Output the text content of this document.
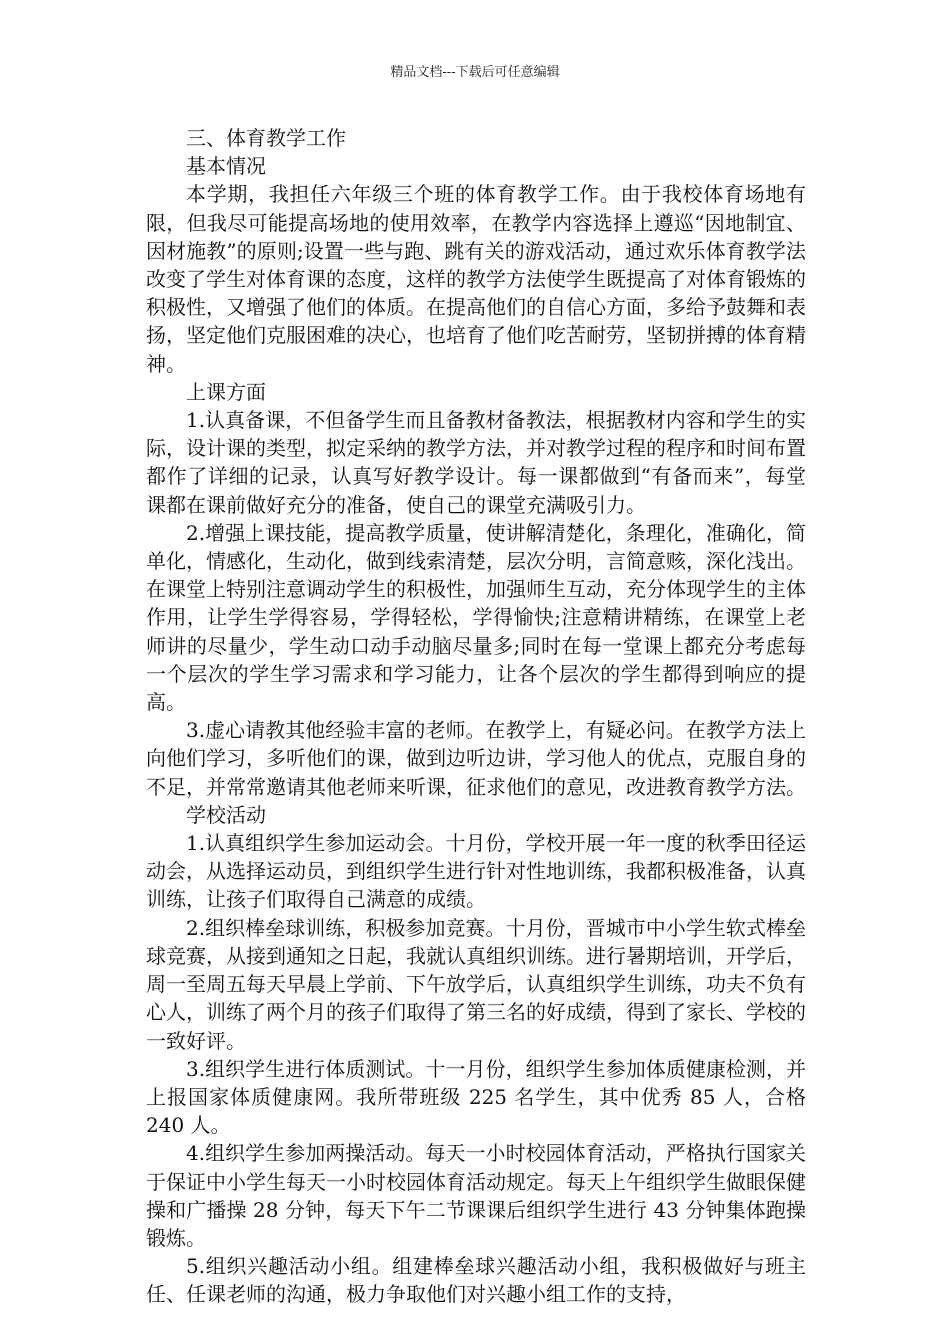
精品文档---下载后可任意编辑

三、体育教学工作

基本情况

本学期，我担任六年级三个班的体育教学工作。由于我校体育场地有限，但我尽可能提高场地的使用效率，在教学内容选择上遵巡“因地制宜、因材施教”的原则;设置一些与跑、跳有关的游戏活动，通过欢乐体育教学法改变了学生对体育课的态度，这样的教学方法使学生既提高了对体育锻炼的积极性，又增强了他们的体质。在提高他们的自信心方面，多给予鼓舞和表扬，坚定他们克服困难的决心，也培育了他们吃苦耐劳，坚韧拼搏的体育精神。

上课方面

1.认真备课，不但备学生而且备教材备教法，根据教材内容和学生的实际，设计课的类型，拟定采纳的教学方法，并对教学过程的程序和时间布置都作了详细的记录，认真写好教学设计。每一课都做到“有备而来”，每堂课都在课前做好充分的准备，使自己的课堂充满吸引力。

2.增强上课技能，提高教学质量，使讲解清楚化，条理化，准确化，简单化，情感化，生动化，做到线索清楚，层次分明，言简意赅，深化浅出。在课堂上特别注意调动学生的积极性，加强师生互动，充分体现学生的主体作用，让学生学得容易，学得轻松，学得愉快;注意精讲精练，在课堂上老师讲的尽量少，学生动口动手动脑尽量多;同时在每一堂课上都充分考虑每一个层次的学生学习需求和学习能力，让各个层次的学生都得到响应的提高。

3.虚心请教其他经验丰富的老师。在教学上，有疑必问。在教学方法上向他们学习，多听他们的课，做到边听边讲，学习他人的优点，克服自身的不足，并常常邀请其他老师来听课，征求他们的意见，改进教育教学方法。

学校活动

1.认真组织学生参加运动会。十月份，学校开展一年一度的秋季田径运动会，从选择运动员，到组织学生进行针对性地训练，我都积极准备，认真训练，让孩子们取得自己满意的成绩。

2.组织棒垒球训练，积极参加竞赛。十月份，晋城市中小学生软式棒垒球竞赛，从接到通知之日起，我就认真组织训练。进行暑期培训，开学后，周一至周五每天早晨上学前、下午放学后，认真组织学生训练，功夫不负有心人，训练了两个月的孩子们取得了第三名的好成绩，得到了家长、学校的一致好评。

3.组织学生进行体质测试。十一月份，组织学生参加体质健康检测，并上报国家体质健康网。我所带班级 225 名学生，其中优秀 85 人，合格 240 人。

4.组织学生参加两操活动。每天一小时校园体育活动，严格执行国家关于保证中小学生每天一小时校园体育活动规定。每天上午组织学生做眼保健操和广播操 28 分钟，每天下午二节课课后组织学生进行 43 分钟集体跑操锻炼。

5.组织兴趣活动小组。组建棒垒球兴趣活动小组，我积极做好与班主任、任课老师的沟通，极力争取他们对兴趣小组工作的支持，
